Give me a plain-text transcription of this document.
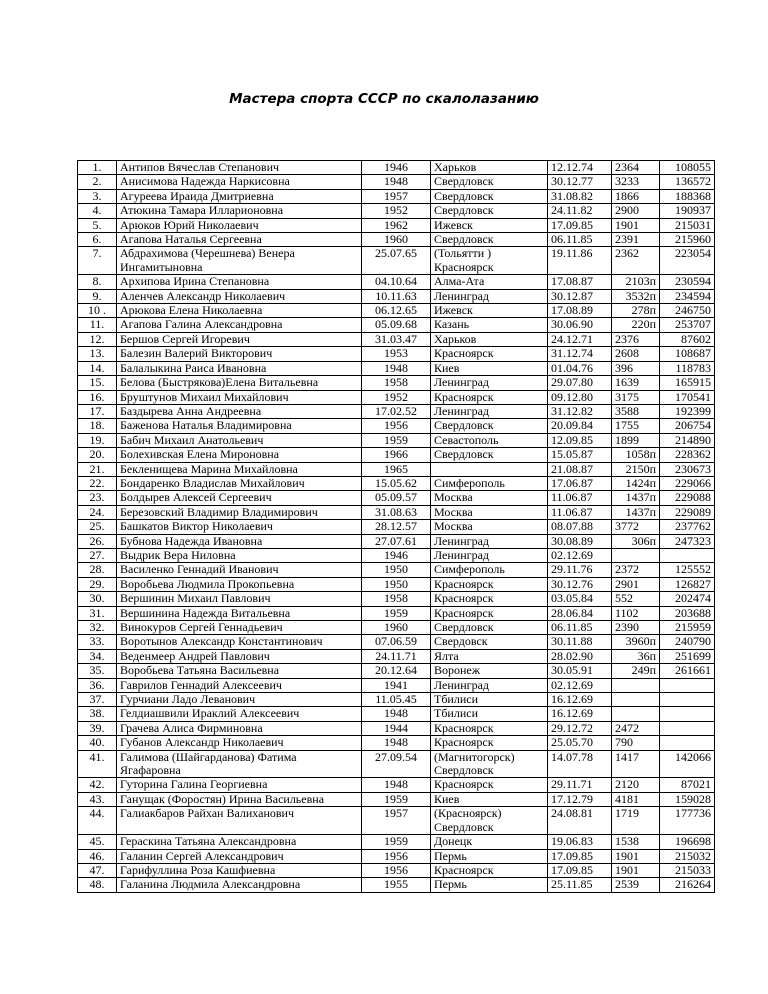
Мастера спорта СССР по скалолазанию
1.	Антипов Вячеслав Степанович	1946	Харьков	12.12.74	2364	108055
2.	Анисимова Надежда Наркисовна	1948	Свердловск	30.12.77	3233	136572
3.	Агуреева Ираида Дмитриевна	1957	Свердловск	31.08.82	1866	188368
4.	Атюкина Тамара Илларионовна	1952	Свердловск	24.11.82	2900	190937
5.	Арюков Юрий Николаевич	1962	Ижевск	17.09.85	1901	215031
6.	Агапова Наталья Сергеевна	1960	Свердловск	06.11.85	2391	215960
7.	Абдрахимова (Черешнева) Венера Ингамитыновна	25.07.65	(Тольятти ) Красноярск	19.11.86	2362	223054
8.	Архипова Ирина Степановна	04.10.64	Алма-Ата	17.08.87	2103п	230594
9.	Аленчев Александр Николаевич	10.11.63	Ленинград	30.12.87	3532п	234594
10 .	Арюкова Елена Николаевна	06.12.65	Ижевск	17.08.89	278п	246750
11.	Агапова Галина Александровна	05.09.68	Казань	30.06.90	220п	253707
12.	Бершов Сергей Игоревич	31.03.47	Харьков	24.12.71	2376	87602
13.	Балезин Валерий Викторович	1953	Красноярск	31.12.74	2608	108687
14.	Балалыкина Раиса Ивановна	1948	Киев	01.04.76	396	118783
15.	Белова (Быстрякова)Елена Витальевна	1958	Ленинград	29.07.80	1639	165915
16.	Бруштунов Михаил Михайлович	1952	Красноярск	09.12.80	3175	170541
17.	Баздырева Анна Андреевна	17.02.52	Ленинград	31.12.82	3588	192399
18.	Баженова Наталья Владимировна	1956	Свердловск	20.09.84	1755	206754
19.	Бабич Михаил Анатольевич	1959	Севастополь	12.09.85	1899	214890
20.	Болехивская Елена Мироновна	1966	Свердловск	15.05.87	1058п	228362
21.	Бекленищева Марина Михайловна	1965		21.08.87	2150п	230673
22.	Бондаренко Владислав Михайлович	15.05.62	Симферополь	17.06.87	1424п	229066
23.	Болдырев Алексей Сергеевич	05.09.57	Москва	11.06.87	1437п	229088
24.	Березовский Владимир Владимирович	31.08.63	Москва	11.06.87	1437п	229089
25.	Башкатов Виктор Николаевич	28.12.57	Москва	08.07.88	3772	237762
26.	Бубнова Надежда Ивановна	27.07.61	Ленинград	30.08.89	306п	247323
27.	Выдрик Вера Ниловна	1946	Ленинград	02.12.69		
28.	Василенко Геннадий Иванович	1950	Симферополь	29.11.76	2372	125552
29.	Воробьева Людмила Прокопьевна	1950	Красноярск	30.12.76	2901	126827
30.	Вершинин Михаил Павлович	1958	Красноярск	03.05.84	552	202474
31.	Вершинина Надежда Витальевна	1959	Красноярск	28.06.84	1102	203688
32.	Винокуров Сергей Геннадьевич	1960	Свердловск	06.11.85	2390	215959
33.	Воротынов Александр Константинович	07.06.59	Свердовск	30.11.88	3960п	240790
34.	Веденмеер Андрей Павлович	24.11.71	Ялта	28.02.90	36п	251699
35.	Воробьева Татьяна Васильевна	20.12.64	Воронеж	30.05.91	249п	261661
36.	Гаврилов Геннадий Алексеевич	1941	Ленинград	02.12.69		
37.	Гурчиани Ладо Леванович	11.05.45	Тбилиси	16.12.69		
38.	Гелдиашвили Ираклий Алексеевич	1948	Тбилиси	16.12.69		
39.	Грачева Алиса Фирминовна	1944	Красноярск	29.12.72	2472	
40.	Губанов Александр Николаевич	1948	Красноярск	25.05.70	790	
41.	Галимова (Шайгарданова) Фатима Ягафаровна	27.09.54	(Магнитогорск) Свердловск	14.07.78	1417	142066
42.	Гуторина Галина Георгиевна	1948	Красноярск	29.11.71	2120	87021
43.	Ганущак (Форостян) Ирина Васильевна	1959	Киев	17.12.79	4181	159028
44.	Галиакбаров Райхан Валиханович	1957	(Красноярск) Свердловск	24.08.81	1719	177736
45.	Гераскина Татьяна Александровна	1959	Донецк	19.06.83	1538	196698
46.	Галанин Сергей Александрович	1956	Пермь	17.09.85	1901	215032
47.	Гарифуллина Роза Кашфиевна	1956	Красноярск	17.09.85	1901	215033
48.	Галанина Людмила Александровна	1955	Пермь	25.11.85	2539	216264
